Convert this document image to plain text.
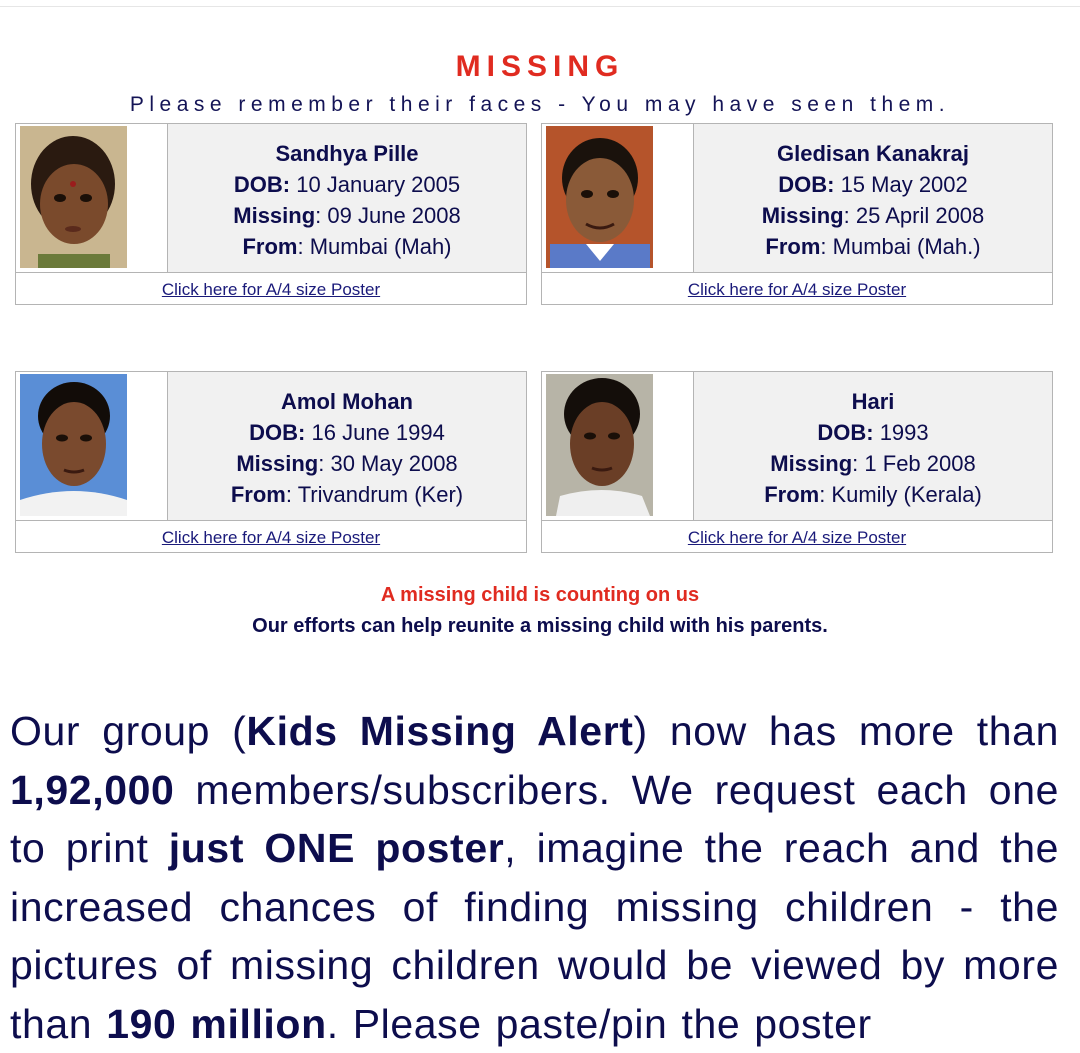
MISSING
Please remember their faces - You may have seen them.
Sandhya Pille
DOB: 10 January 2005
Missing: 09 June 2008
From: Mumbai (Mah)
Click here for A/4 size Poster
Gledisan Kanakraj
DOB: 15 May 2002
Missing: 25 April 2008
From: Mumbai (Mah.)
Click here for A/4 size Poster
Amol Mohan
DOB: 16 June 1994
Missing: 30 May 2008
From: Trivandrum (Ker)
Click here for A/4 size Poster
Hari
DOB: 1993
Missing: 1 Feb 2008
From: Kumily (Kerala)
Click here for A/4 size Poster
A missing child is counting on us
Our efforts can help reunite a missing child with his parents.
Our group (Kids Missing Alert) now has more than 1,92,000 members/subscribers. We request each one to print just ONE poster, imagine the reach and the increased chances of finding missing children - the pictures of missing children would be viewed by more than 190 million. Please paste/pin the poster
